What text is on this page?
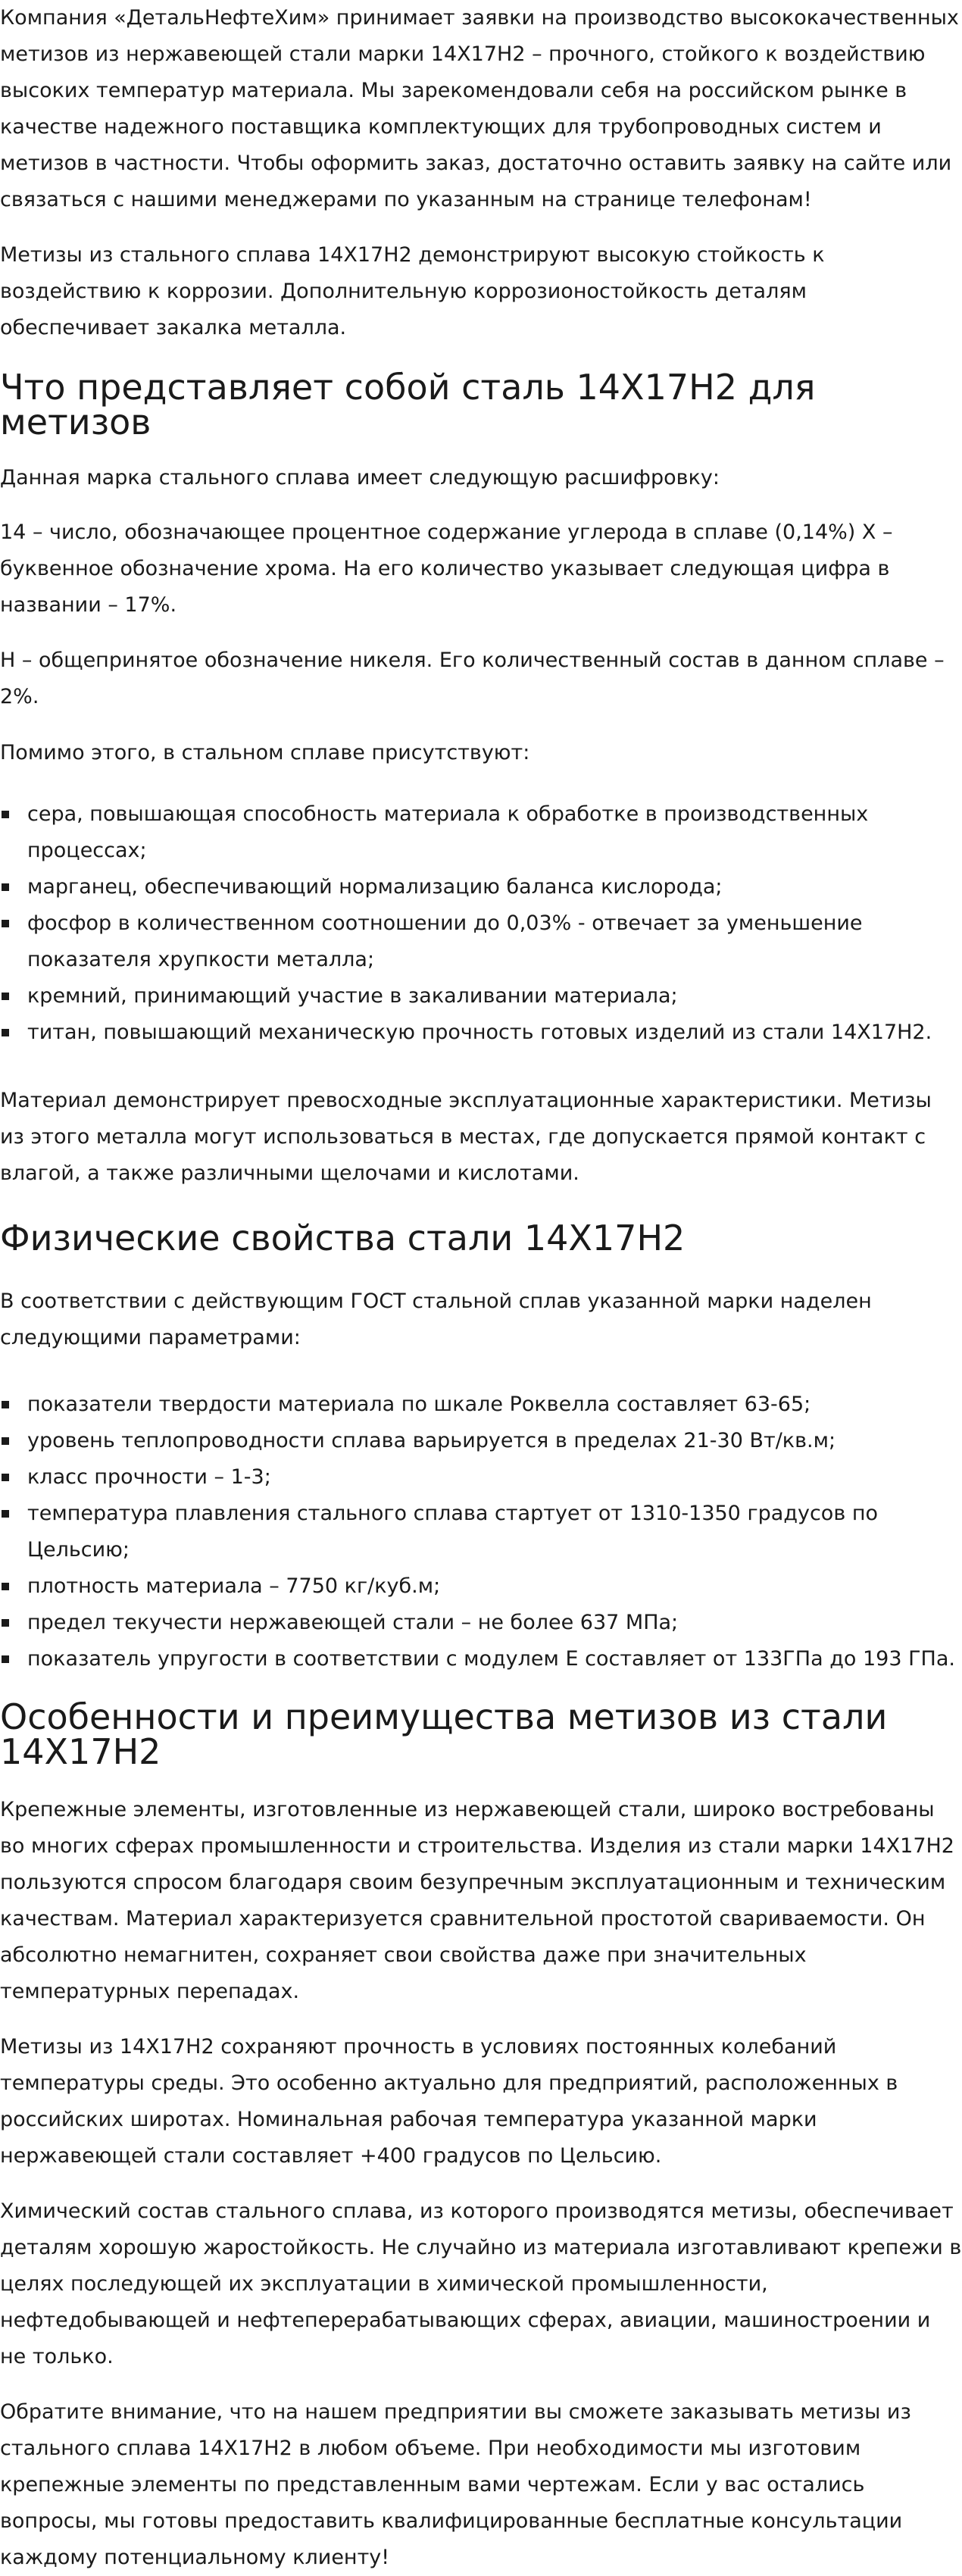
Компания «ДетальНефтеХим» принимает заявки на производство высококачественных метизов из нержавеющей стали марки 14Х17Н2 – прочного, стойкого к воздействию высоких температур материала. Мы зарекомендовали себя на российском рынке в качестве надежного поставщика комплектующих для трубопроводных систем и метизов в частности. Чтобы оформить заказ, достаточно оставить заявку на сайте или связаться с нашими менеджерами по указанным на странице телефонам!

Метизы из стального сплава 14Х17Н2 демонстрируют высокую стойкость к воздействию к коррозии. Дополнительную коррозионостойкость деталям обеспечивает закалка металла.

Что представляет собой сталь 14Х17Н2 для метизов

Данная марка стального сплава имеет следующую расшифровку:

14 – число, обозначающее процентное содержание углерода в сплаве (0,14%) Х – буквенное обозначение хрома. На его количество указывает следующая цифра в названии – 17%.

Н – общепринятое обозначение никеля. Его количественный состав в данном сплаве – 2%.

Помимо этого, в стальном сплаве присутствуют:

сера, повышающая способность материала к обработке в производственных процессах;
марганец, обеспечивающий нормализацию баланса кислорода;
фосфор в количественном соотношении до 0,03% - отвечает за уменьшение показателя хрупкости металла;
кремний, принимающий участие в закаливании материала;
титан, повышающий механическую прочность готовых изделий из стали 14Х17Н2.

Материал демонстрирует превосходные эксплуатационные характеристики. Метизы из этого металла могут использоваться в местах, где допускается прямой контакт с влагой, а также различными щелочами и кислотами.

Физические свойства стали 14Х17Н2

В соответствии с действующим ГОСТ стальной сплав указанной марки наделен следующими параметрами:

показатели твердости материала по шкале Роквелла составляет 63-65;
уровень теплопроводности сплава варьируется в пределах 21-30 Вт/кв.м;
класс прочности – 1-3;
температура плавления стального сплава стартует от 1310-1350 градусов по Цельсию;
плотность материала – 7750 кг/куб.м;
предел текучести нержавеющей стали – не более 637 МПа;
показатель упругости в соответствии с модулем Е составляет от 133ГПа до 193 ГПа.
Особенности и преимущества метизов из стали 14Х17Н2

Крепежные элементы, изготовленные из нержавеющей стали, широко востребованы во многих сферах промышленности и строительства. Изделия из стали марки 14Х17Н2 пользуются спросом благодаря своим безупречным эксплуатационным и техническим качествам. Материал характеризуется сравнительной простотой свариваемости. Он абсолютно немагнитен, сохраняет свои свойства даже при значительных температурных перепадах.

Метизы из 14Х17Н2 сохраняют прочность в условиях постоянных колебаний температуры среды. Это особенно актуально для предприятий, расположенных в российских широтах. Номинальная рабочая температура указанной марки нержавеющей стали составляет +400 градусов по Цельсию.

Химический состав стального сплава, из которого производятся метизы, обеспечивает деталям хорошую жаростойкость. Не случайно из материала изготавливают крепежи в целях последующей их эксплуатации в химической промышленности, нефтедобывающей и нефтеперерабатывающих сферах, авиации, машиностроении и не только.

Обратите внимание, что на нашем предприятии вы сможете заказывать метизы из стального сплава 14Х17Н2 в любом объеме. При необходимости мы изготовим крепежные элементы по представленным вами чертежам. Если у вас остались вопросы, мы готовы предоставить квалифицированные бесплатные консультации каждому потенциальному клиенту!
